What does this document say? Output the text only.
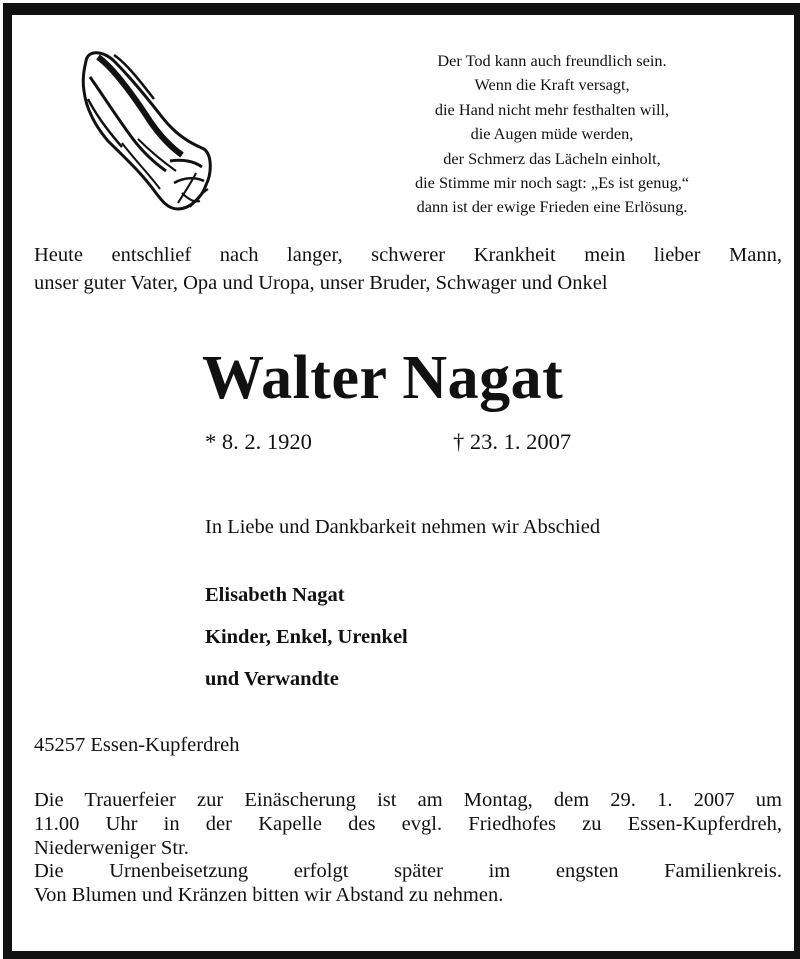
Der Tod kann auch freundlich sein.
Wenn die Kraft versagt,
die Hand nicht mehr festhalten will,
die Augen müde werden,
der Schmerz das Lächeln einholt,
die Stimme mir noch sagt: „Es ist genug,“
dann ist der ewige Frieden eine Erlösung.
Heute entschlief nach langer, schwerer Krankheit mein lieber Mann,
unser guter Vater, Opa und Uropa, unser Bruder, Schwager und Onkel
Walter Nagat
* 8. 2. 1920	† 23. 1. 2007
In Liebe und Dankbarkeit nehmen wir Abschied
Elisabeth Nagat
Kinder, Enkel, Urenkel
und Verwandte
45257 Essen-Kupferdreh
Die Trauerfeier zur Einäscherung ist am Montag, dem 29. 1. 2007 um
11.00 Uhr in der Kapelle des evgl. Friedhofes zu Essen-Kupferdreh,
Niederweniger Str.
Die Urnenbeisetzung erfolgt später im engsten Familienkreis.
Von Blumen und Kränzen bitten wir Abstand zu nehmen.
